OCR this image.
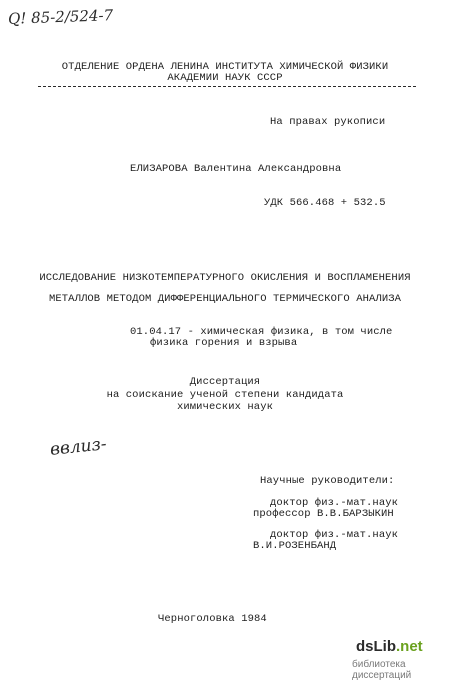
Q! 85-2/524-7
ОТДЕЛЕНИЕ ОРДЕНА ЛЕНИНА ИНСТИТУТА ХИМИЧЕСКОЙ ФИЗИКИ
АКАДЕМИИ НАУК СССР
На правах рукописи
ЕЛИЗАРОВА Валентина Александровна
УДК 566.468 + 532.5
ИССЛЕДОВАНИЕ НИЗКОТЕМПЕРАТУРНОГО ОКИСЛЕНИЯ И ВОСПЛАМЕНЕНИЯ
МЕТАЛЛОВ МЕТОДОМ ДИФФЕРЕНЦИАЛЬНОГО ТЕРМИЧЕСКОГО АНАЛИЗА
01.04.17 - химическая физика, в том числе
физика горения и взрыва
Диссертация
на соискание ученой степени кандидата
химических наук
ввлиз-
Научные руководители:
доктор физ.-мат.наук
профессор В.В.БАРЗЫКИН
доктор физ.-мат.наук
В.И.РОЗЕНБАНД
Черноголовка 1984
dsLib.net
библиотека диссертаций
